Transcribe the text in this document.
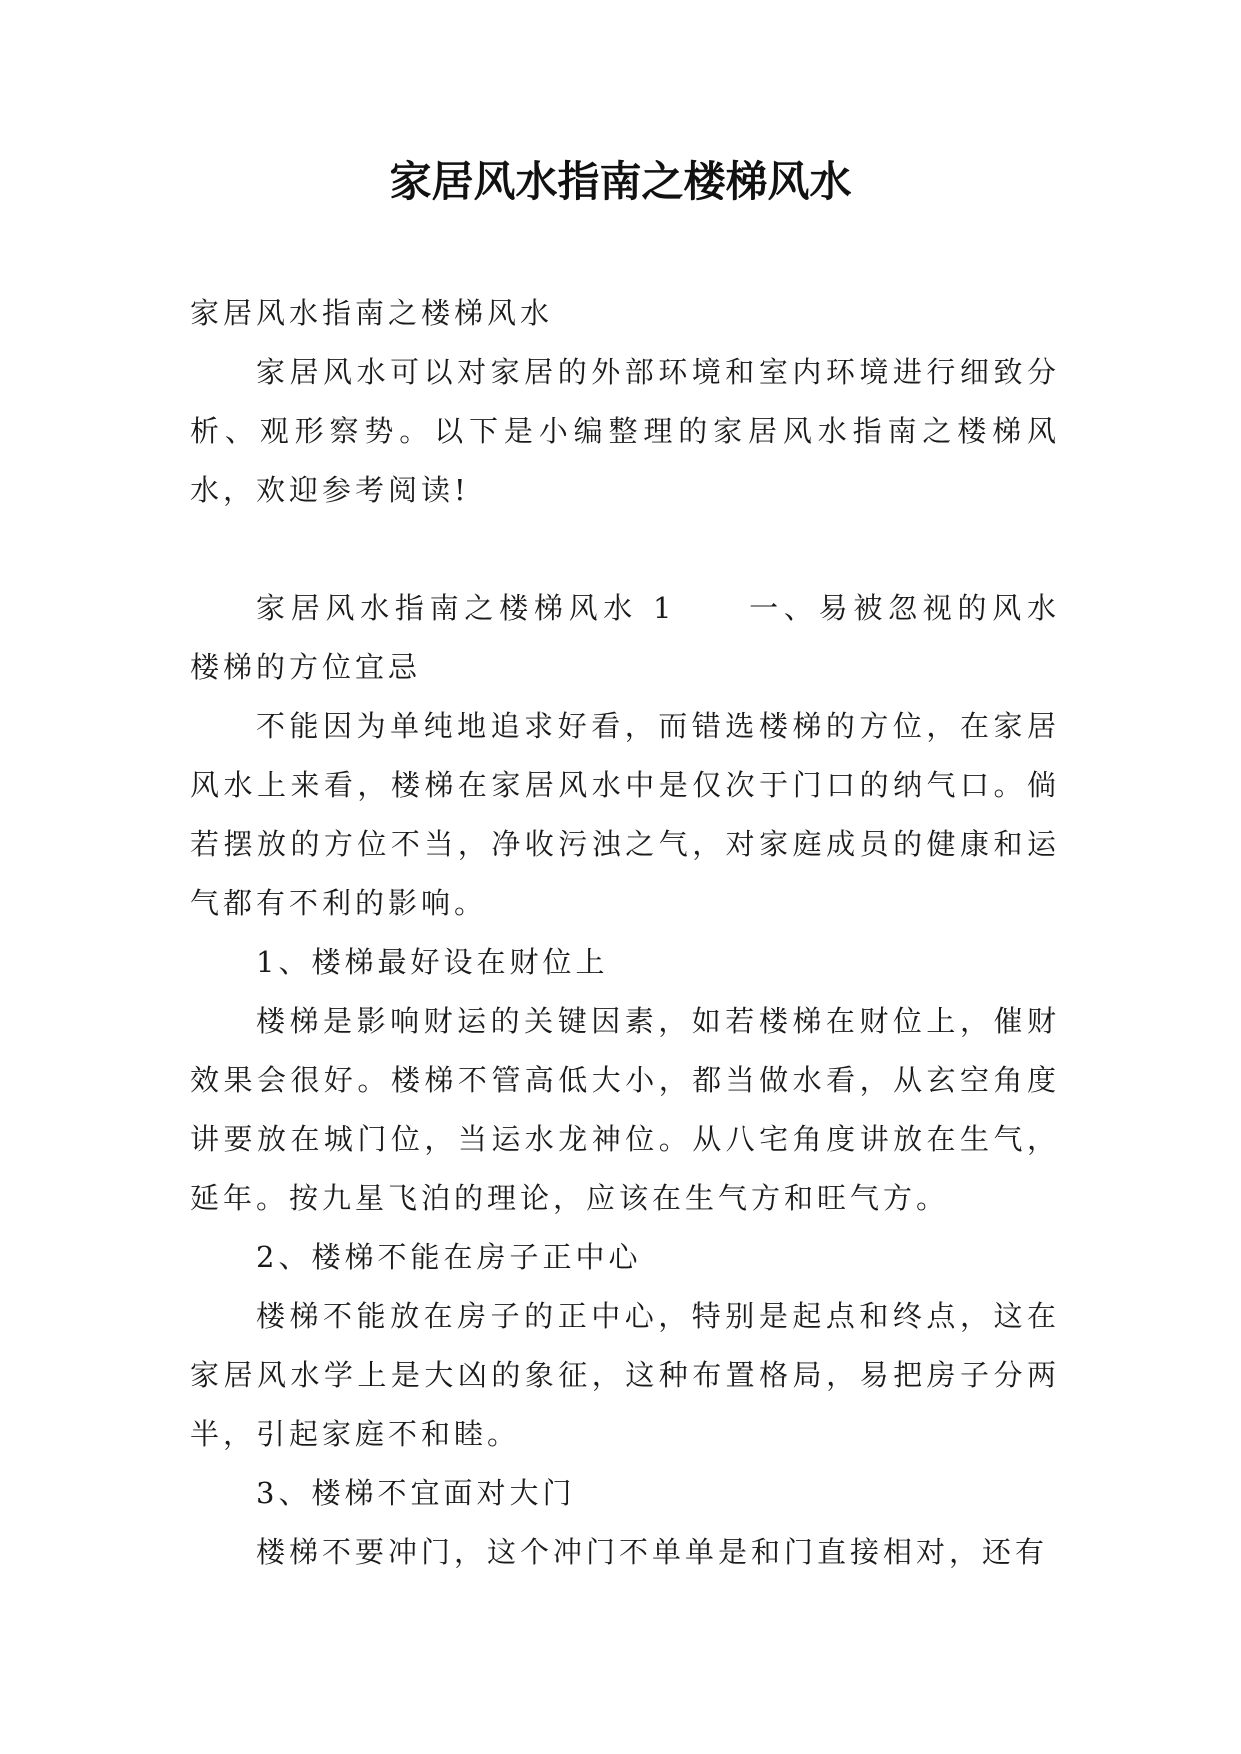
家居风水指南之楼梯风水

家居风水指南之楼梯风水

家居风水可以对家居的外部环境和室内环境进行细致分析、观形察势。以下是小编整理的家居风水指南之楼梯风水，欢迎参考阅读!

家居风水指南之楼梯风水 1 一、易被忽视的风水 楼梯的方位宜忌

不能因为单纯地追求好看，而错选楼梯的方位，在家居风水上来看，楼梯在家居风水中是仅次于门口的纳气口。倘若摆放的方位不当，净收污浊之气，对家庭成员的健康和运气都有不利的影响。

1、楼梯最好设在财位上

楼梯是影响财运的关键因素，如若楼梯在财位上，催财效果会很好。楼梯不管高低大小，都当做水看，从玄空角度讲要放在城门位，当运水龙神位。从八宅角度讲放在生气，延年。按九星飞泊的理论，应该在生气方和旺气方。

2、楼梯不能在房子正中心

楼梯不能放在房子的正中心，特别是起点和终点，这在家居风水学上是大凶的象征，这种布置格局，易把房子分两半，引起家庭不和睦。

3、楼梯不宜面对大门

楼梯不要冲门，这个冲门不单单是和门直接相对，还有
